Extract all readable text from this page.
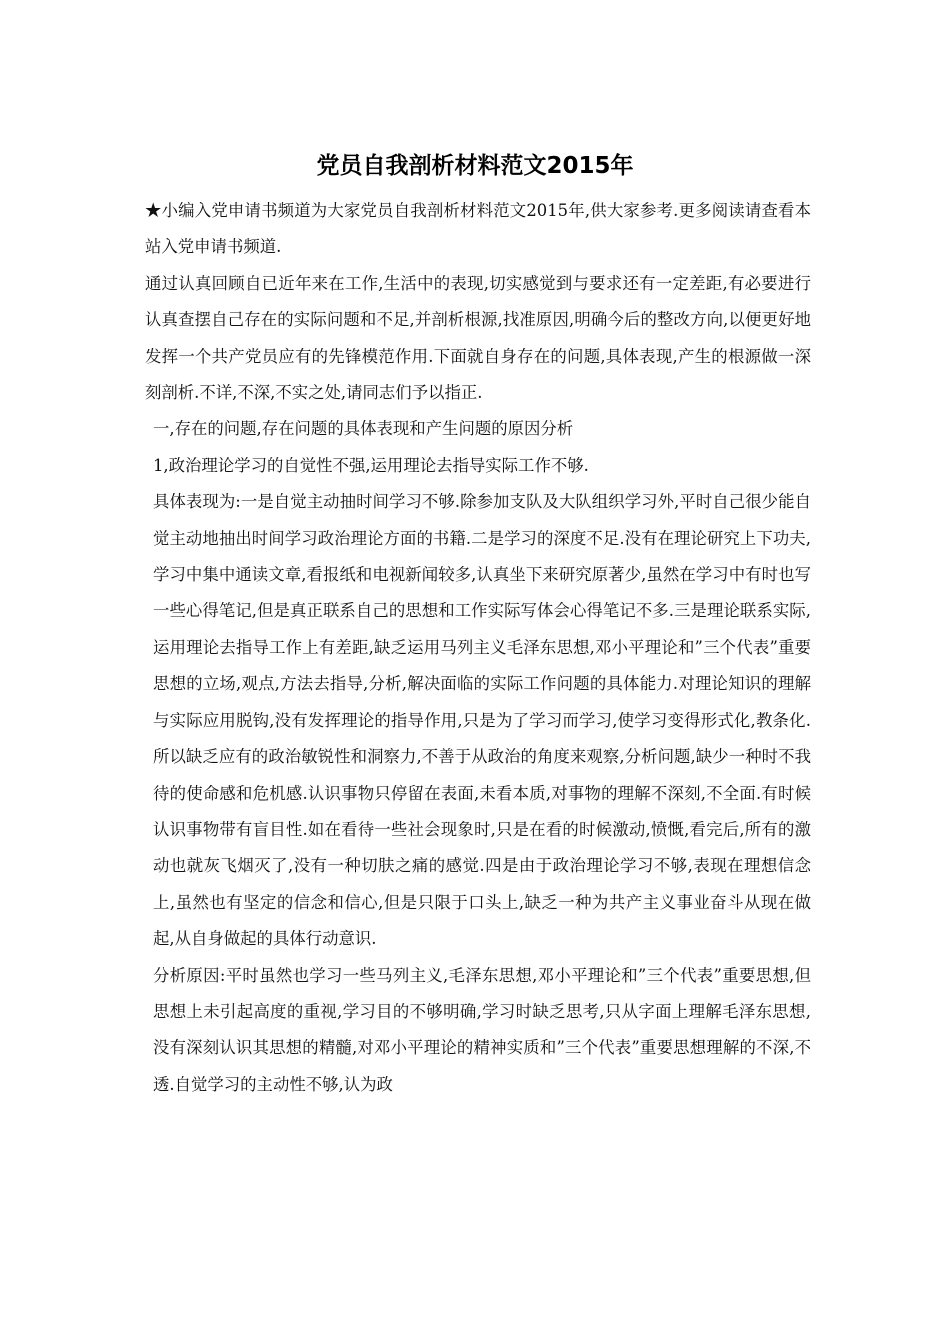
党员自我剖析材料范文2015年

★小编入党申请书频道为大家党员自我剖析材料范文2015年,供大家参考.更多阅读请查看本站入党申请书频道.

通过认真回顾自已近年来在工作,生活中的表现,切实感觉到与要求还有一定差距,有必要进行认真查摆自己存在的实际问题和不足,并剖析根源,找准原因,明确今后的整改方向,以便更好地发挥一个共产党员应有的先锋模范作用.下面就自身存在的问题,具体表现,产生的根源做一深刻剖析.不详,不深,不实之处,请同志们予以指正.

一,存在的问题,存在问题的具体表现和产生问题的原因分析

1,政治理论学习的自觉性不强,运用理论去指导实际工作不够.

具体表现为:一是自觉主动抽时间学习不够.除参加支队及大队组织学习外,平时自己很少能自觉主动地抽出时间学习政治理论方面的书籍.二是学习的深度不足.没有在理论研究上下功夫,学习中集中通读文章,看报纸和电视新闻较多,认真坐下来研究原著少,虽然在学习中有时也写一些心得笔记,但是真正联系自己的思想和工作实际写体会心得笔记不多.三是理论联系实际,运用理论去指导工作上有差距,缺乏运用马列主义毛泽东思想,邓小平理论和”三个代表”重要思想的立场,观点,方法去指导,分析,解决面临的实际工作问题的具体能力.对理论知识的理解与实际应用脱钩,没有发挥理论的指导作用,只是为了学习而学习,使学习变得形式化,教条化.所以缺乏应有的政治敏锐性和洞察力,不善于从政治的角度来观察,分析问题,缺少一种时不我待的使命感和危机感.认识事物只停留在表面,未看本质,对事物的理解不深刻,不全面.有时候认识事物带有盲目性.如在看待一些社会现象时,只是在看的时候激动,愤慨,看完后,所有的激动也就灰飞烟灭了,没有一种切肤之痛的感觉.四是由于政治理论学习不够,表现在理想信念上,虽然也有坚定的信念和信心,但是只限于口头上,缺乏一种为共产主义事业奋斗从现在做起,从自身做起的具体行动意识.

分析原因:平时虽然也学习一些马列主义,毛泽东思想,邓小平理论和”三个代表”重要思想,但思想上未引起高度的重视,学习目的不够明确,学习时缺乏思考,只从字面上理解毛泽东思想,没有深刻认识其思想的精髓,对邓小平理论的精神实质和”三个代表”重要思想理解的不深,不透.自觉学习的主动性不够,认为政
